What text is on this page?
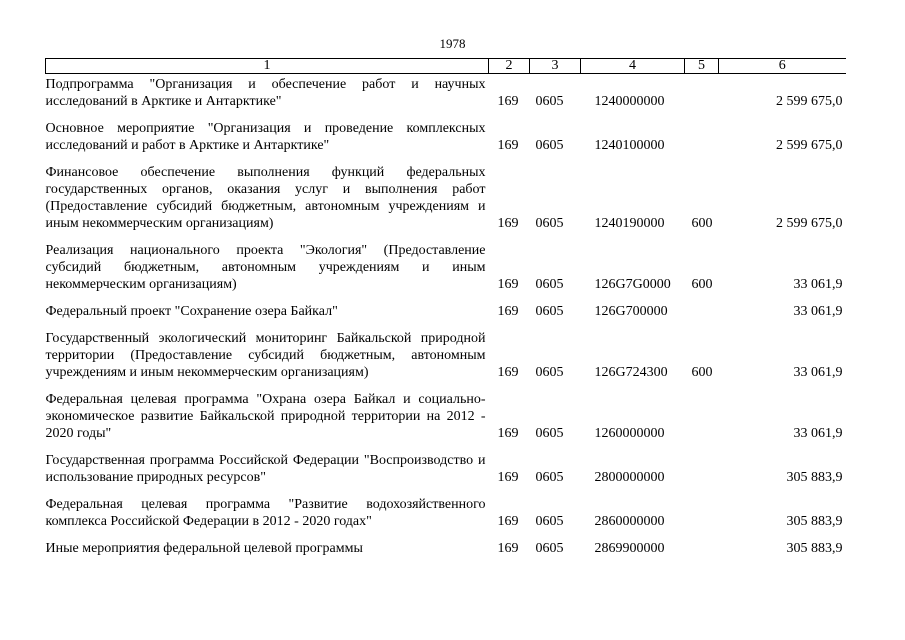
1978
1	2	3	4	5	6
Подпрограмма "Организация и обеспечение работ и научных исследований в Арктике и Антарктике"	169	0605	1240000000		2 599 675,0
Основное мероприятие "Организация и проведение комплексных исследований и работ в Арктике и Антарктике"	169	0605	1240100000		2 599 675,0
Финансовое обеспечение выполнения функций федеральных государственных органов, оказания услуг и выполнения работ (Предоставление субсидий бюджетным, автономным учреждениям и иным некоммерческим организациям)	169	0605	1240190000	600	2 599 675,0
Реализация национального проекта "Экология" (Предоставление субсидий бюджетным, автономным учреждениям и иным некоммерческим организациям)	169	0605	126G7G0000	600	33 061,9
Федеральный проект "Сохранение озера Байкал"	169	0605	126G700000		33 061,9
Государственный экологический мониторинг Байкальской природной территории (Предоставление субсидий бюджетным, автономным учреждениям и иным некоммерческим организациям)	169	0605	126G724300	600	33 061,9
Федеральная целевая программа "Охрана озера Байкал и социально-экономическое развитие Байкальской природной территории на 2012 - 2020 годы"	169	0605	1260000000		33 061,9
Государственная программа Российской Федерации "Воспроизводство и использование природных ресурсов"	169	0605	2800000000		305 883,9
Федеральная целевая программа "Развитие водохозяйственного комплекса Российской Федерации в 2012 - 2020 годах"	169	0605	2860000000		305 883,9
Иные мероприятия федеральной целевой программы	169	0605	2869900000		305 883,9
